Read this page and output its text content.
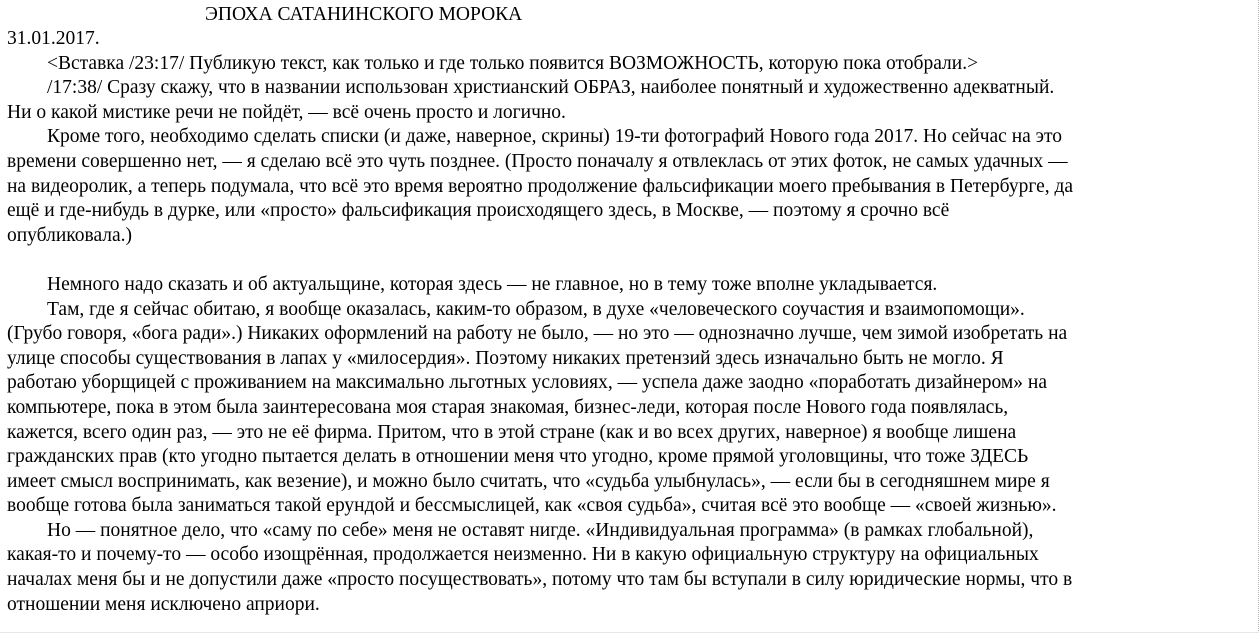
ЭПОХА САТАНИНСКОГО МОРОКА
31.01.2017.
<Вставка /23:17/ Публикую текст, как только и где только появится ВОЗМОЖНОСТЬ, которую пока отобрали.>
/17:38/ Сразу скажу, что в названии использован христианский ОБРАЗ, наиболее понятный и художественно адекватный.
Ни о какой мистике речи не пойдёт, — всё очень просто и логично.
Кроме того, необходимо сделать списки (и даже, наверное, скрины) 19-ти фотографий Нового года 2017. Но сейчас на это
времени совершенно нет, — я сделаю всё это чуть позднее. (Просто поначалу я отвлеклась от этих фоток, не самых удачных —
на видеоролик, а теперь подумала, что всё это время вероятно продолжение фальсификации моего пребывания в Петербурге, да
ещё и где-нибудь в дурке, или «просто» фальсификация происходящего здесь, в Москве, — поэтому я срочно всё
опубликовала.)
Немного надо сказать и об актуальщине, которая здесь — не главное, но в тему тоже вполне укладывается.
Там, где я сейчас обитаю, я вообще оказалась, каким-то образом, в духе «человеческого соучастия и взаимопомощи».
(Грубо говоря, «бога ради».) Никаких оформлений на работу не было, — но это — однозначно лучше, чем зимой изобретать на
улице способы существования в лапах у «милосердия». Поэтому никаких претензий здесь изначально быть не могло. Я
работаю уборщицей с проживанием на максимально льготных условиях, — успела даже заодно «поработать дизайнером» на
компьютере, пока в этом была заинтересована моя старая знакомая, бизнес-леди, которая после Нового года появлялась,
кажется, всего один раз, — это не её фирма. Притом, что в этой стране (как и во всех других, наверное) я вообще лишена
гражданских прав (кто угодно пытается делать в отношении меня что угодно, кроме прямой уголовщины, что тоже ЗДЕСЬ
имеет смысл воспринимать, как везение), и можно было считать, что «судьба улыбнулась», — если бы в сегодняшнем мире я
вообще готова была заниматься такой ерундой и бессмыслицей, как «своя судьба», считая всё это вообще — «своей жизнью».
Но — понятное дело, что «саму по себе» меня не оставят нигде. «Индивидуальная программа» (в рамках глобальной),
какая-то и почему-то — особо изощрённая, продолжается неизменно. Ни в какую официальную структуру на официальных
началах меня бы и не допустили даже «просто посуществовать», потому что там бы вступали в силу юридические нормы, что в
отношении меня исключено априори.
